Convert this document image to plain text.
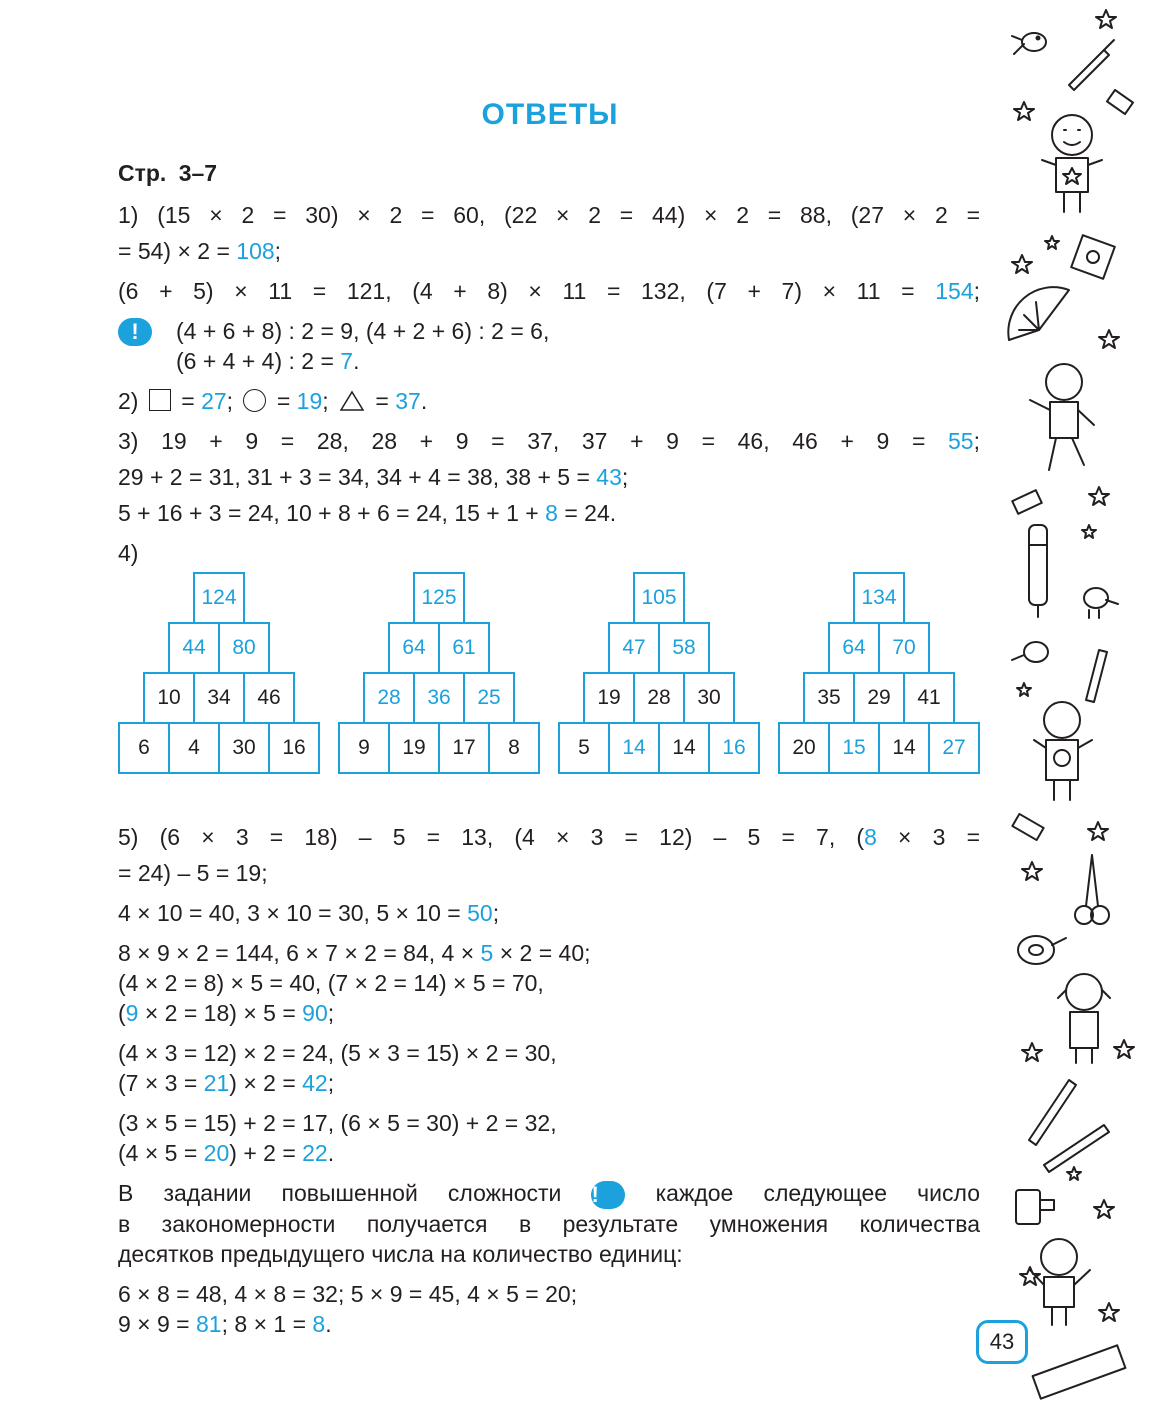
ОТВЕТЫ
Стр. 3–7
1) (15 × 2 = 30) × 2 = 60, (22 × 2 = 44) × 2 = 88, (27 × 2 =
= 54) × 2 = 108;
(6 + 5) × 11 = 121, (4 + 8) × 11 = 132, (7 + 7) × 11 = 154;
!	(4 + 6 + 8) : 2 = 9, (4 + 2 + 6) : 2 = 6,
(6 + 4 + 4) : 2 = 7.
2) = 27; = 19; = 37.
3) 19 + 9 = 28, 28 + 9 = 37, 37 + 9 = 46, 46 + 9 = 55;
29 + 2 = 31, 31 + 3 = 34, 34 + 4 = 38, 38 + 5 = 43;
5 + 16 + 3 = 24, 10 + 8 + 6 = 24, 15 + 1 + 8 = 24.
4)
124
44	80
10	34	46
6	4	30	16
125
64	61
28	36	25
9	19	17	8
105
47	58
19	28	30
5	14	14	16
134
64	70
35	29	41
20	15	14	27
5) (6 × 3 = 18) – 5 = 13, (4 × 3 = 12) – 5 = 7, (8 × 3 =
= 24) – 5 = 19;
4 × 10 = 40, 3 × 10 = 30, 5 × 10 = 50;
8 × 9 × 2 = 144, 6 × 7 × 2 = 84, 4 × 5 × 2 = 40;
(4 × 2 = 8) × 5 = 40, (7 × 2 = 14) × 5 = 70,
(9 × 2 = 18) × 5 = 90;
(4 × 3 = 12) × 2 = 24, (5 × 3 = 15) × 2 = 30,
(7 × 3 = 21) × 2 = 42;
(3 × 5 = 15) + 2 = 17, (6 × 5 = 30) + 2 = 32,
(4 × 5 = 20) + 2 = 22.
В задании повышенной сложности ! каждое следующее число
в закономерности получается в результате умножения количества
десятков предыдущего числа на количество единиц:
6 × 8 = 48, 4 × 8 = 32; 5 × 9 = 45, 4 × 5 = 20;
9 × 9 = 81; 8 × 1 = 8.
43
